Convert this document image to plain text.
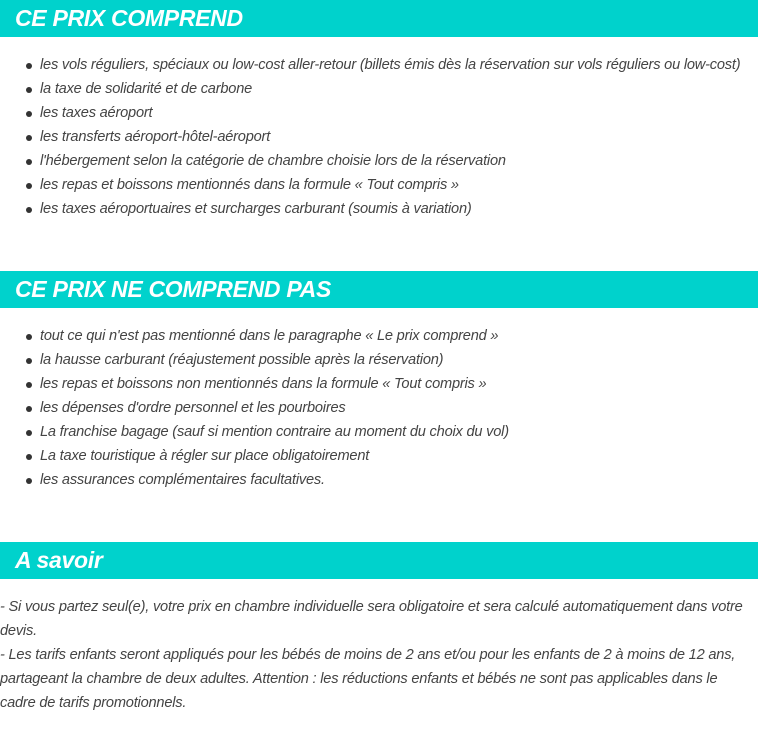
CE PRIX COMPREND
les vols réguliers, spéciaux ou low-cost aller-retour (billets émis dès la réservation sur vols réguliers ou low-cost)
la taxe de solidarité et de carbone
les taxes aéroport
les transferts aéroport-hôtel-aéroport
l'hébergement selon la catégorie de chambre choisie lors de la réservation
les repas et boissons mentionnés dans la formule « Tout compris »
les taxes aéroportuaires et surcharges carburant (soumis à variation)
CE PRIX NE COMPREND PAS
tout ce qui n'est pas mentionné dans le paragraphe « Le prix comprend »
la hausse carburant (réajustement possible après la réservation)
les repas et boissons non mentionnés dans la formule « Tout compris »
les dépenses d'ordre personnel et les pourboires
La franchise bagage (sauf si mention contraire au moment du choix du vol)
La taxe touristique à régler sur place obligatoirement
les assurances complémentaires facultatives.
A savoir

- Si vous partez seul(e), votre prix en chambre individuelle sera obligatoire et sera calculé automatiquement dans votre devis.

- Les tarifs enfants seront appliqués pour les bébés de moins de 2 ans et/ou pour les enfants de 2 à moins de 12 ans, partageant la chambre de deux adultes. Attention : les réductions enfants et bébés ne sont pas applicables dans le cadre de tarifs promotionnels.
